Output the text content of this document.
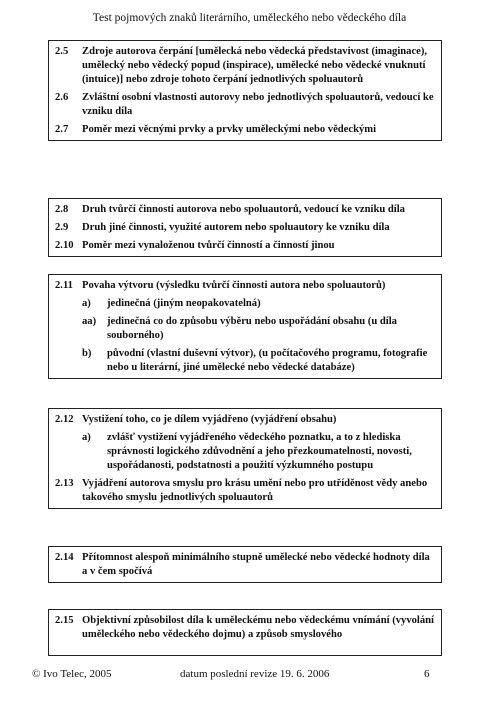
Test pojmových znaků literárního, uměleckého nebo vědeckého díla
2.5	Zdroje autorova čerpání [umělecká nebo vědecká představivost (imaginace), umělecký nebo vědecký popud (inspirace), umělecké nebo vědecké vnuknutí (intuice)] nebo zdroje tohoto čerpání jednotlivých spoluautorů
2.6	Zvláštní osobní vlastnosti autorovy nebo jednotlivých spoluautorů, vedoucí ke vzniku díla
2.7	Poměr mezi věcnými prvky a prvky uměleckými nebo vědeckými
2.8	Druh tvůrčí činnosti autorova nebo spoluautorů, vedoucí ke vzniku díla
2.9	Druh jiné činnosti, využité autorem nebo spoluautory ke vzniku díla
2.10 Poměr mezi vynaloženou tvůrčí činností a činností jinou
2.11 Povaha výtvoru (výsledku tvůrčí činnosti autora nebo spoluautorů)
a)	jedinečná (jiným neopakovatelná)
aa)	jedinečná co do způsobu výběru nebo uspořádání obsahu (u díla souborného)
b)	původní (vlastní duševní výtvor), (u počítačového programu, fotografie nebo u literární, jiné umělecké nebo vědecké databáze)
2.12 Vystižení toho, co je dílem vyjádřeno (vyjádření obsahu)
a)	zvlášť vystižení vyjádřeného vědeckého poznatku, a to z hlediska správnosti logického zdůvodnění a jeho přezkoumatelnosti, novosti, uspořádanosti, podstatnosti a použití výzkumného postupu
2.13 Vyjádření autorova smyslu pro krásu umění nebo pro utříděnost vědy anebo takového smyslu jednotlivých spoluautorů
2.14 Přítomnost alespoň minimálního stupně umělecké nebo vědecké hodnoty díla a v čem spočívá
2.15 Objektivní způsobilost díla k uměleckému nebo vědeckému vnímání (vyvolání uměleckého nebo vědeckého dojmu) a způsob smyslového
© Ivo Telec, 2005	datum poslední revize 19. 6. 2006	6
